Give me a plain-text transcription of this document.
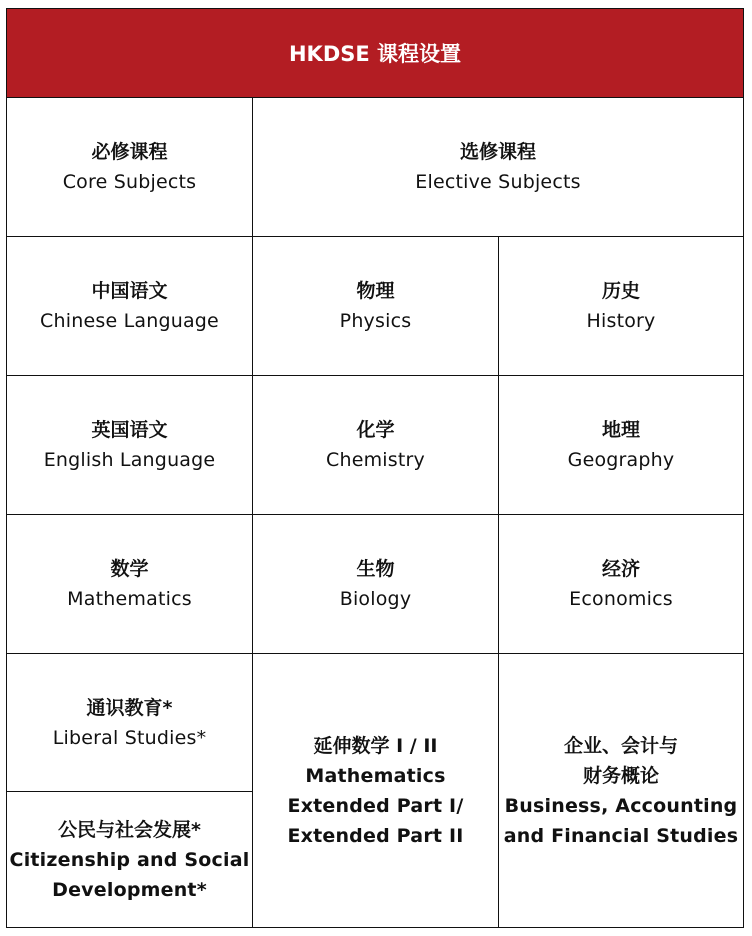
HKDSE 课程设置
必修课程
Core Subjects
选修课程
Elective Subjects
中国语文
Chinese Language
物理
Physics
历史
History
英国语文
English Language
化学
Chemistry
地理
Geography
数学
Mathematics
生物
Biology
经济
Economics
通识教育*
Liberal Studies*
公民与社会发展*
Citizenship and Social
Development*
延伸数学 I / II
Mathematics
Extended Part I/
Extended Part II
企业、会计与
财务概论
Business, Accounting
and Financial Studies
